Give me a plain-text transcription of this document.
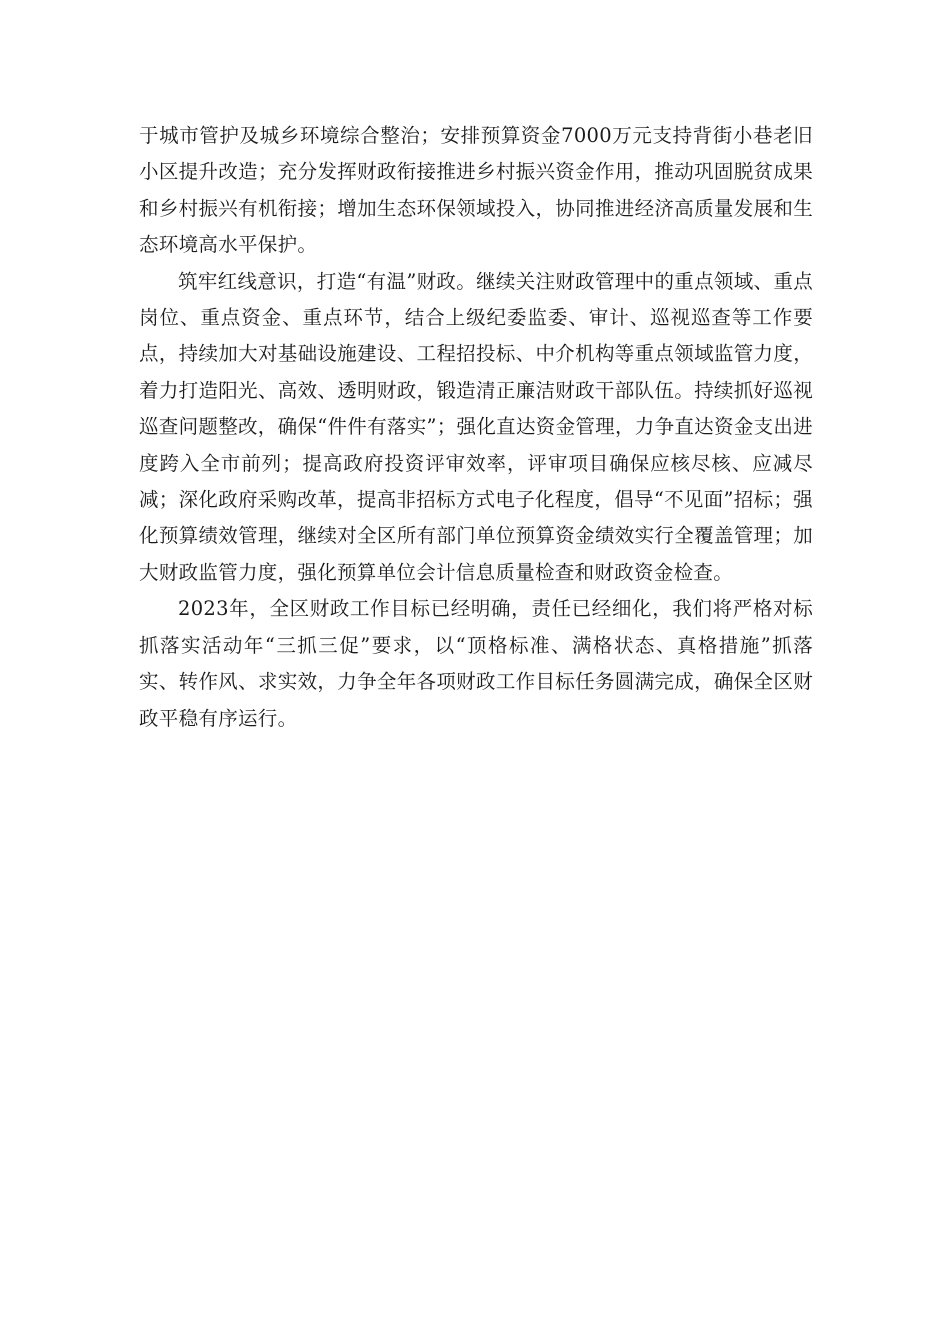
于城市管护及城乡环境综合整治；安排预算资金7000万元支持背街小巷老旧小区提升改造；充分发挥财政衔接推进乡村振兴资金作用，推动巩固脱贫成果和乡村振兴有机衔接；增加生态环保领域投入，协同推进经济高质量发展和生态环境高水平保护。

筑牢红线意识，打造“有温”财政。继续关注财政管理中的重点领域、重点岗位、重点资金、重点环节，结合上级纪委监委、审计、巡视巡查等工作要点，持续加大对基础设施建设、工程招投标、中介机构等重点领域监管力度，着力打造阳光、高效、透明财政，锻造清正廉洁财政干部队伍。持续抓好巡视巡查问题整改，确保“件件有落实”；强化直达资金管理，力争直达资金支出进度跨入全市前列；提高政府投资评审效率，评审项目确保应核尽核、应减尽减；深化政府采购改革，提高非招标方式电子化程度，倡导“不见面”招标；强化预算绩效管理，继续对全区所有部门单位预算资金绩效实行全覆盖管理；加大财政监管力度，强化预算单位会计信息质量检查和财政资金检查。

2023年，全区财政工作目标已经明确，责任已经细化，我们将严格对标抓落实活动年“三抓三促”要求，以“顶格标准、满格状态、真格措施”抓落实、转作风、求实效，力争全年各项财政工作目标任务圆满完成，确保全区财政平稳有序运行。
